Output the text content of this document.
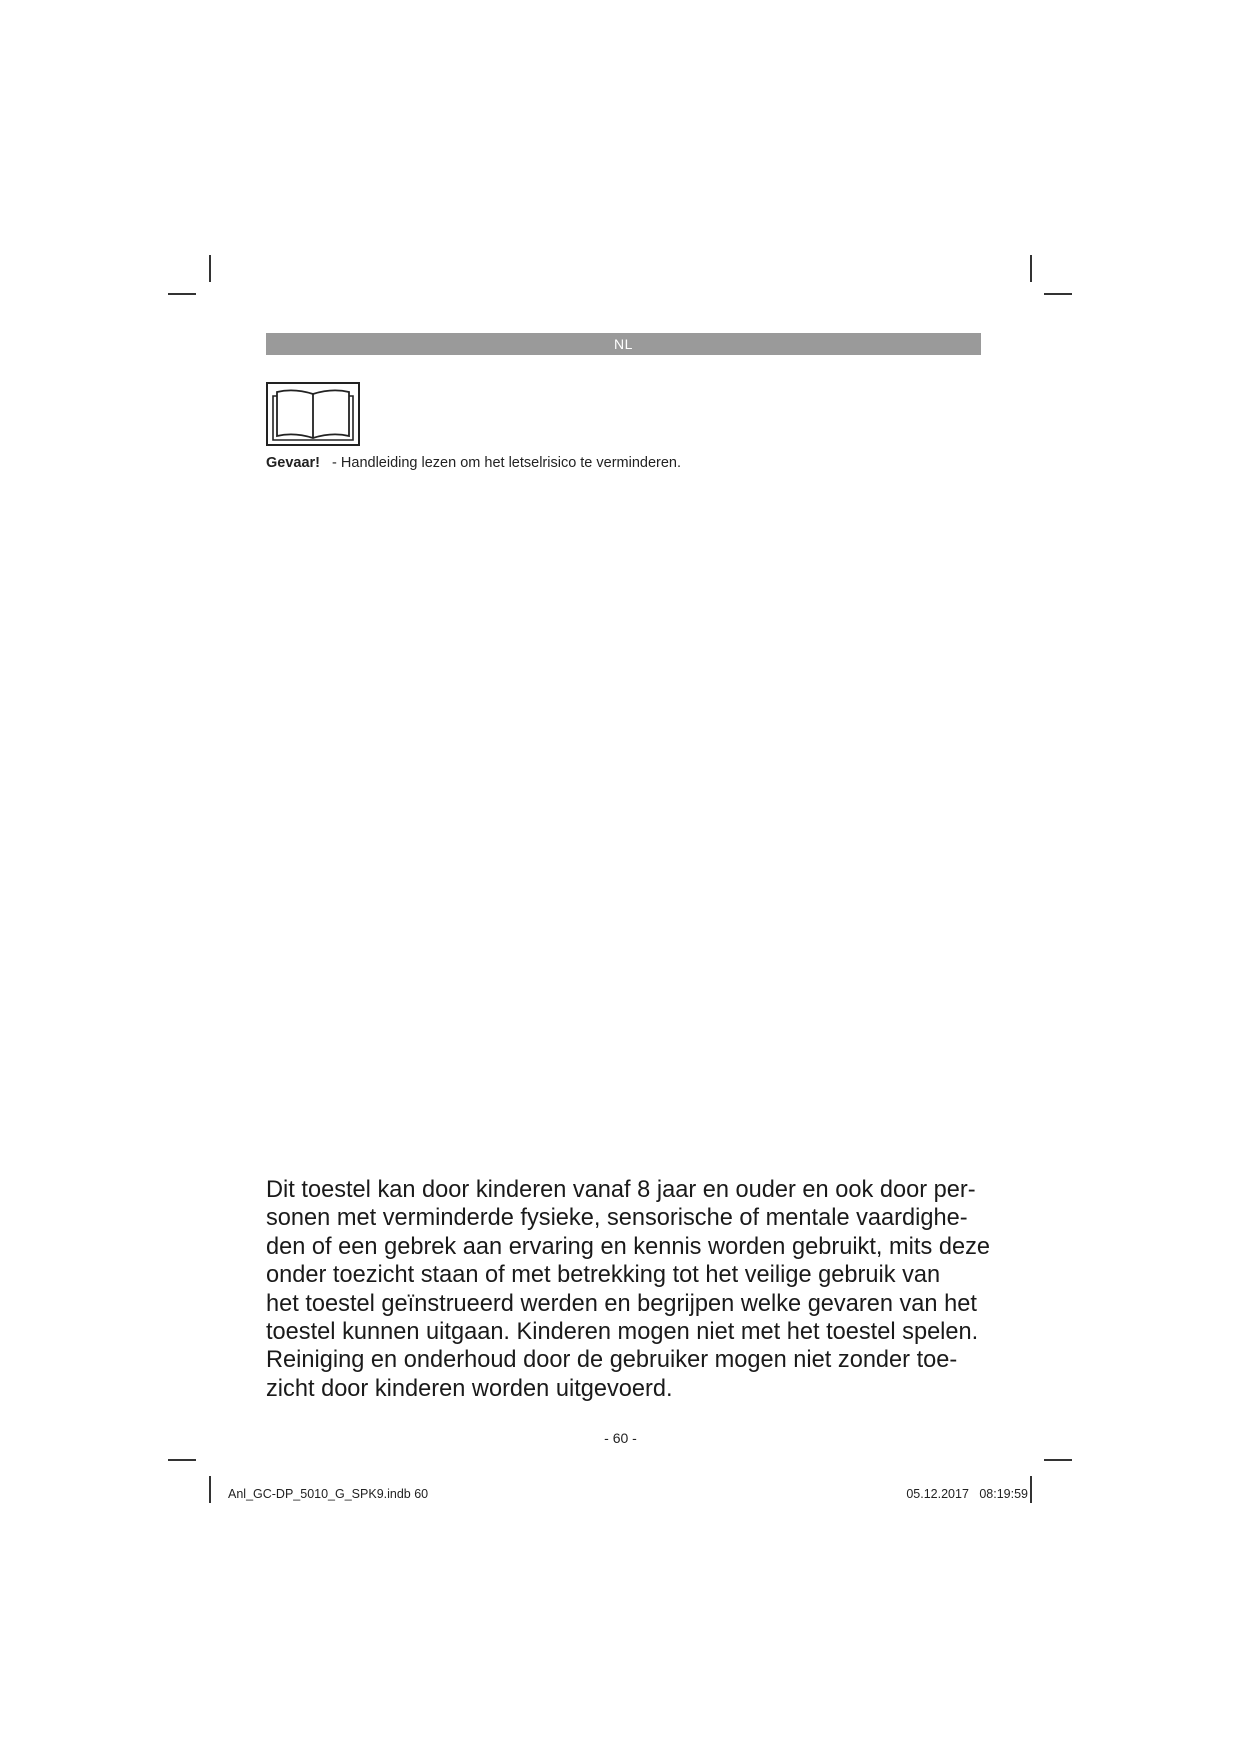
NL
Gevaar! - Handleiding lezen om het letselrisico te verminderen.

Dit toestel kan door kinderen vanaf 8 jaar en ouder en ook door per-
sonen met verminderde fysieke, sensorische of mentale vaardighe-
den of een gebrek aan ervaring en kennis worden gebruikt, mits deze
onder toezicht staan of met betrekking tot het veilige gebruik van
het toestel geïnstrueerd werden en begrijpen welke gevaren van het
toestel kunnen uitgaan. Kinderen mogen niet met het toestel spelen.
Reiniging en onderhoud door de gebruiker mogen niet zonder toe-
zicht door kinderen worden uitgevoerd.

- 60 -
Anl_GC-DP_5010_G_SPK9.indb 60	05.12.2017 08:19:59
